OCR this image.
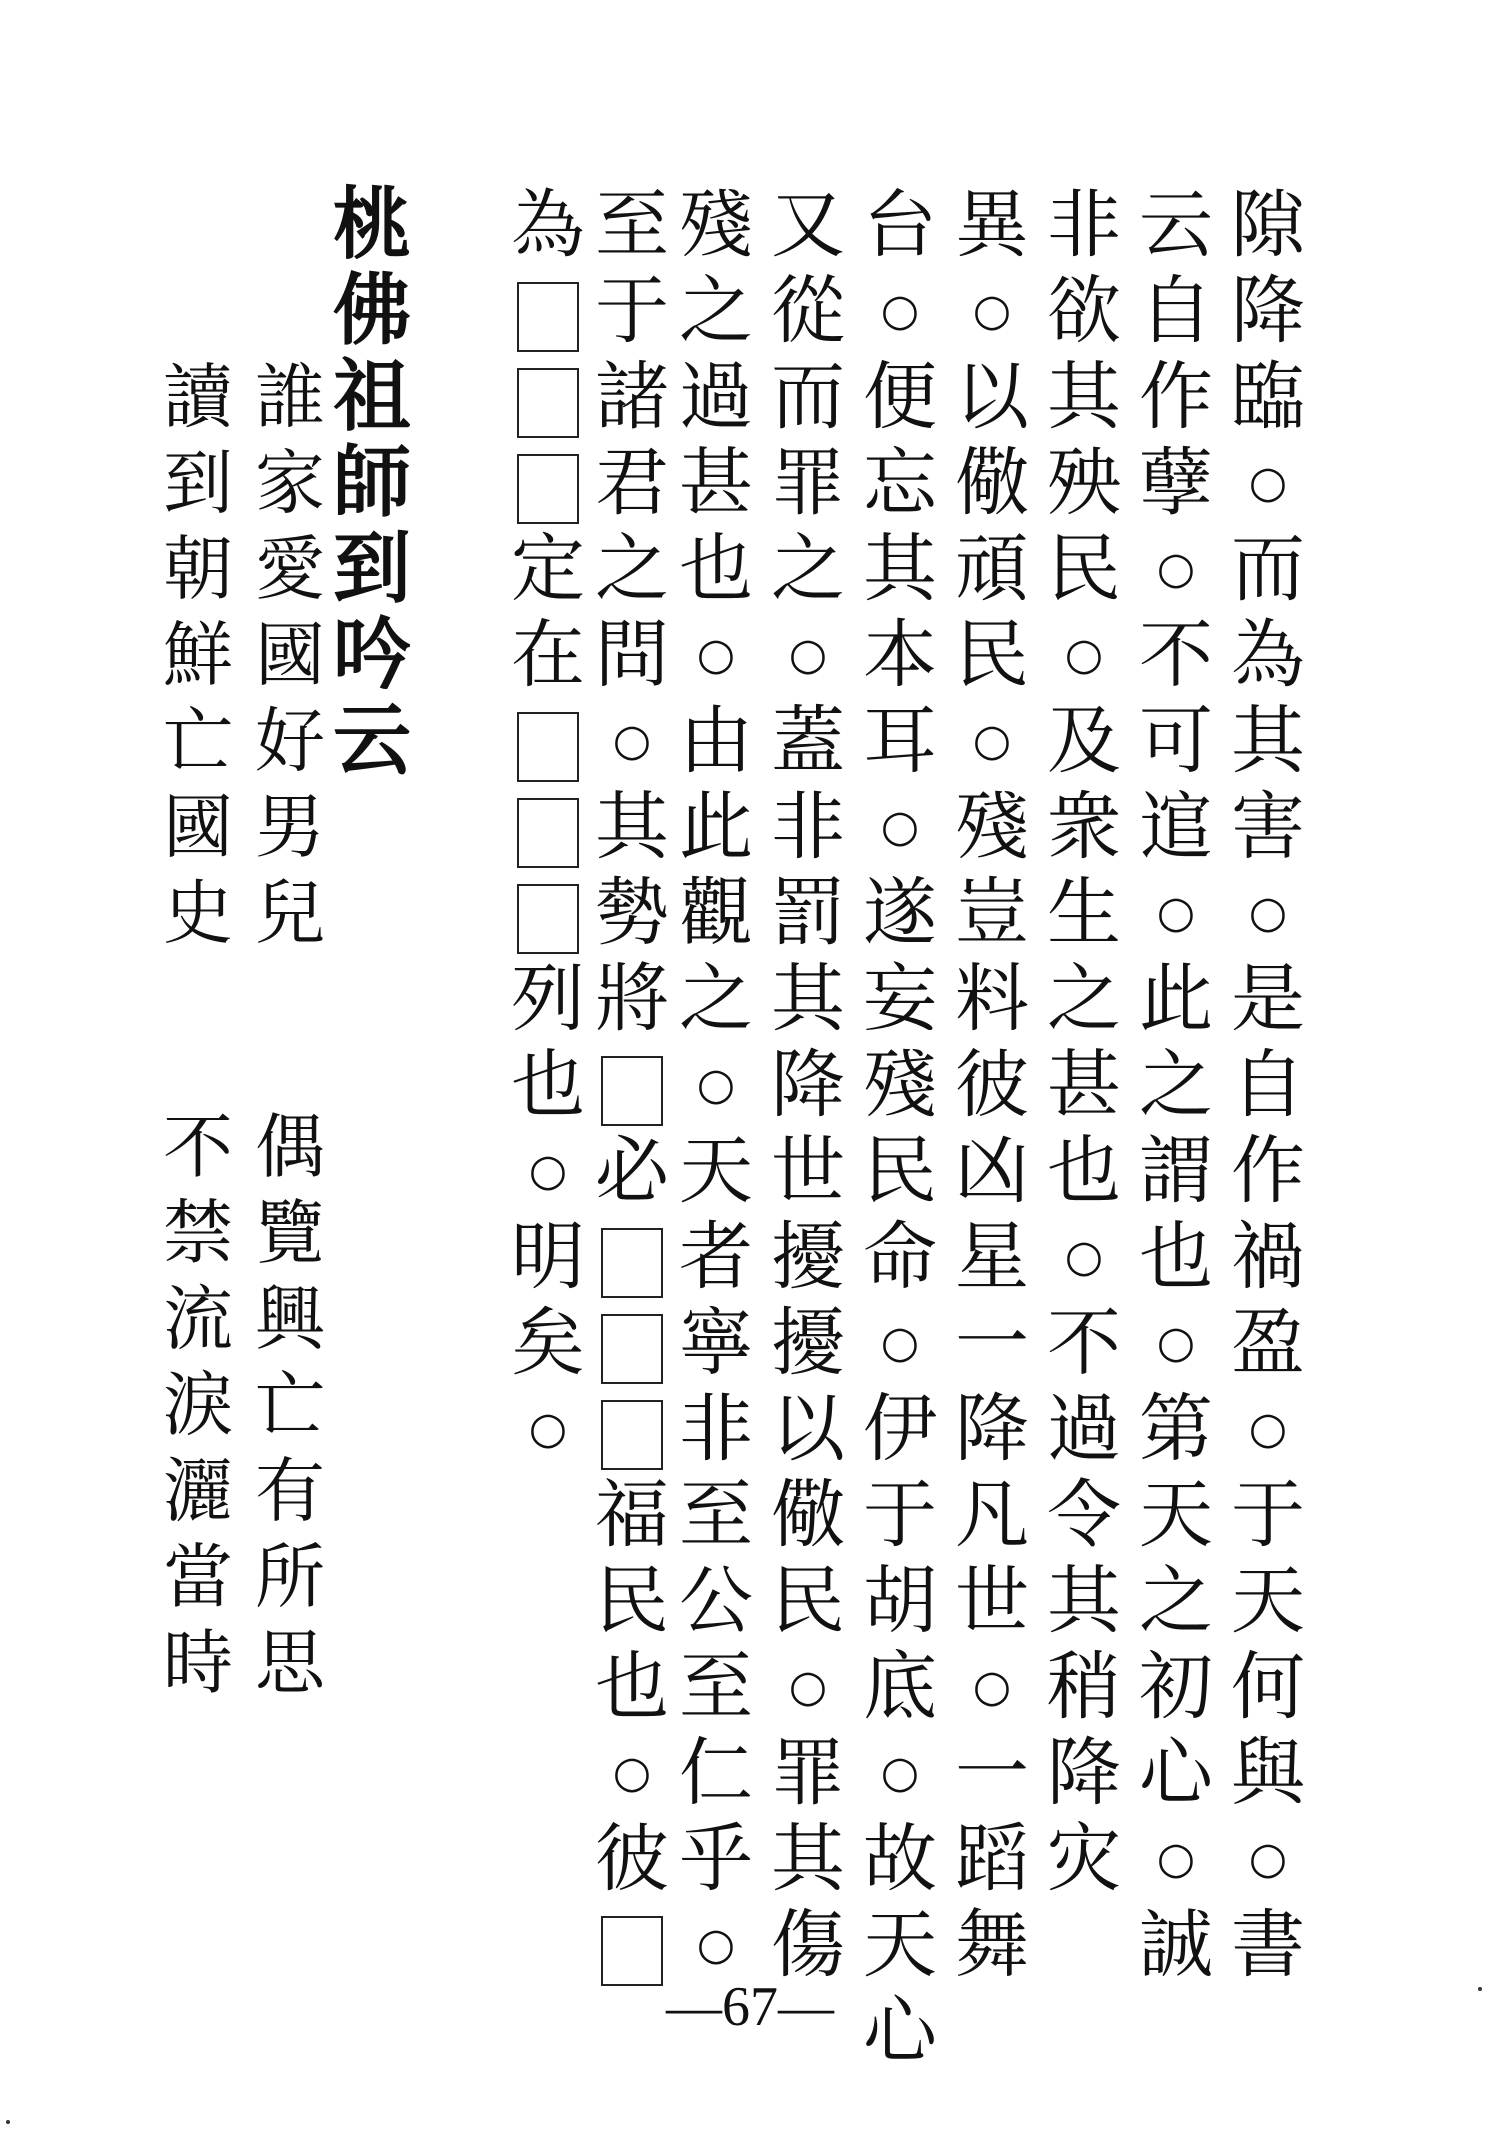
隙
降
臨
○
而
為
其
害
○
是
自
作
禍
盈
○
于
天
何
與
○
書
云
自
作
孽
○
不
可
逭
○
此
之
謂
也
○
第
天
之
初
心
○
誠
非
欲
其
殃
民
○
及
衆
生
之
甚
也
○
不
過
令
其
稍
降
灾
異
○
以
儆
頑
民
○
殘
豈
料
彼
凶
星
一
降
凡
世
○
一
蹈
舞
台
○
便
忘
其
本
耳
○
遂
妄
殘
民
命
○
伊
于
胡
底
○
故
天
心
又
從
而
罪
之
○
蓋
非
罰
其
降
世
擾
擾
以
儆
民
○
罪
其
傷
殘
之
過
甚
也
○
由
此
觀
之
○
天
者
寧
非
至
公
至
仁
乎
○
至
于
諸
君
之
問
○
其
勢
將
必
福
民
也
○
彼
為
定
在
列
也
○
明
矣
○
桃
佛
祖
師
到
吟
云
誰
家
愛
國
好
男
兒
讀
到
朝
鮮
亡
國
史
偶
覽
興
亡
有
所
思
不
禁
流
淚
灑
當
時
—67—
